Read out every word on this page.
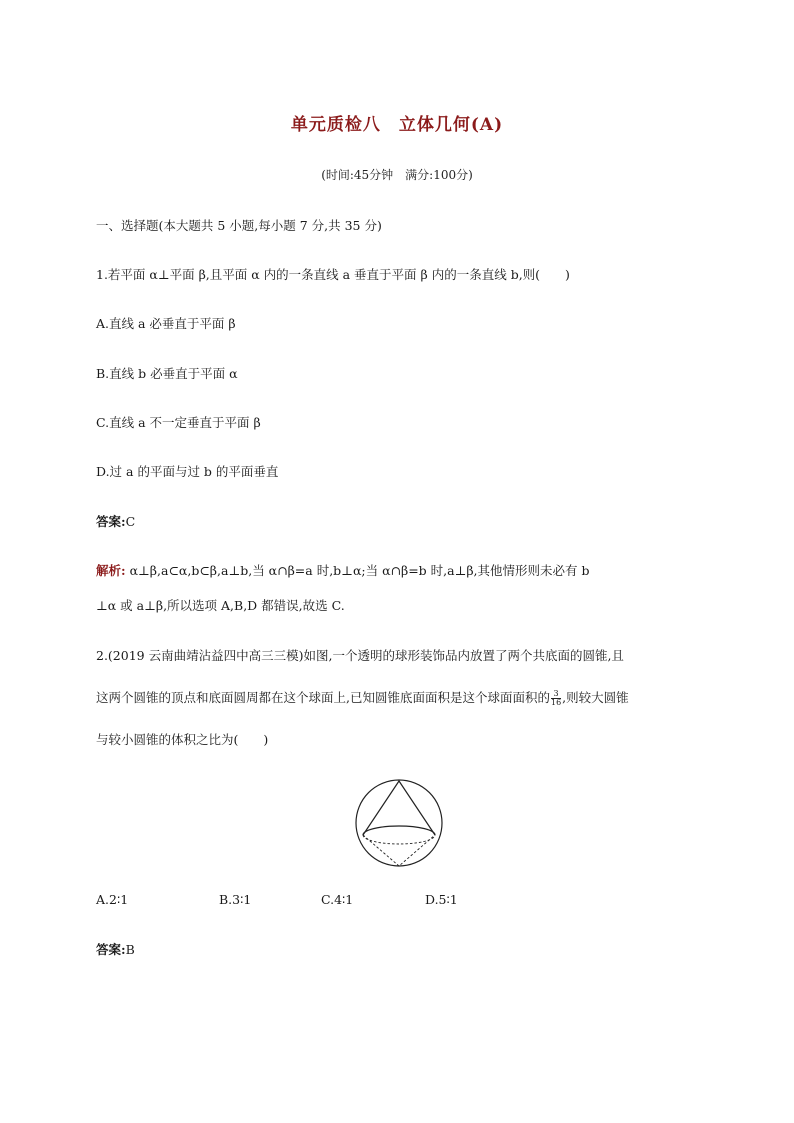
单元质检八　立体几何(A)
(时间:45分钟　满分:100分)
一、选择题(本大题共 5 小题,每小题 7 分,共 35 分)
1.若平面 α⊥平面 β,且平面 α 内的一条直线 a 垂直于平面 β 内的一条直线 b,则(　　)
A.直线 a 必垂直于平面 β
B.直线 b 必垂直于平面 α
C.直线 a 不一定垂直于平面 β
D.过 a 的平面与过 b 的平面垂直
答案:C
解析: α⊥β,a⊂α,b⊂β,a⊥b,当 α∩β=a 时,b⊥α;当 α∩β=b 时,a⊥β,其他情形则未必有 b
⊥α 或 a⊥β,所以选项 A,B,D 都错误,故选 C.
2.(2019 云南曲靖沾益四中高三三模)如图,一个透明的球形装饰品内放置了两个共底面的圆锥,且
这两个圆锥的顶点和底面圆周都在这个球面上,已知圆锥底面面积是这个球面面积的 $\frac{3}{16}$ ,则较大圆锥
与较小圆锥的体积之比为(　　)
A.2∶1	B.3∶1	C.4∶1	D.5∶1
答案:B
